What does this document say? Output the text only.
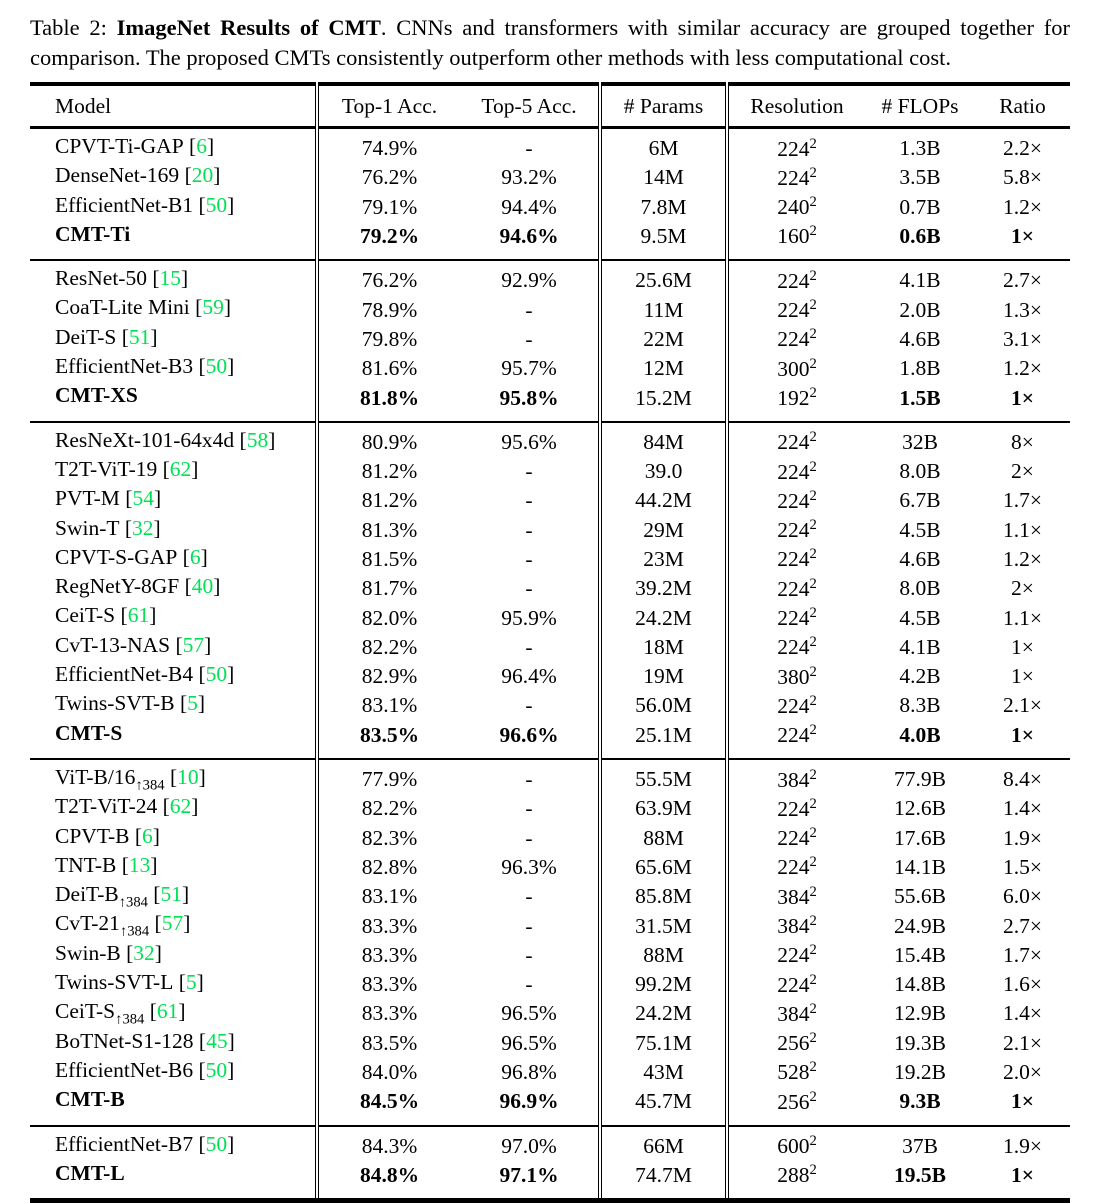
Table 2: ImageNet Results of CMT. CNNs and transformers with similar accuracy are grouped together for comparison. The proposed CMTs consistently outperform other methods with less computational cost.

Model	Top-1 Acc.	Top-5 Acc.	# Params	Resolution	# FLOPs	Ratio
CPVT-Ti-GAP [6]	74.9%	-	6M	$224^2$	1.3B	2.2×
DenseNet-169 [20]	76.2%	93.2%	14M	$224^2$	3.5B	5.8×
EfficientNet-B1 [50]	79.1%	94.4%	7.8M	$240^2$	0.7B	1.2×
CMT-Ti	79.2%	94.6%	9.5M	$160^2$	0.6B	1×
ResNet-50 [15]	76.2%	92.9%	25.6M	$224^2$	4.1B	2.7×
CoaT-Lite Mini [59]	78.9%	-	11M	$224^2$	2.0B	1.3×
DeiT-S [51]	79.8%	-	22M	$224^2$	4.6B	3.1×
EfficientNet-B3 [50]	81.6%	95.7%	12M	$300^2$	1.8B	1.2×
CMT-XS	81.8%	95.8%	15.2M	$192^2$	1.5B	1×
ResNeXt-101-64x4d [58]	80.9%	95.6%	84M	$224^2$	32B	8×
T2T-ViT-19 [62]	81.2%	-	39.0	$224^2$	8.0B	2×
PVT-M [54]	81.2%	-	44.2M	$224^2$	6.7B	1.7×
Swin-T [32]	81.3%	-	29M	$224^2$	4.5B	1.1×
CPVT-S-GAP [6]	81.5%	-	23M	$224^2$	4.6B	1.2×
RegNetY-8GF [40]	81.7%	-	39.2M	$224^2$	8.0B	2×
CeiT-S [61]	82.0%	95.9%	24.2M	$224^2$	4.5B	1.1×
CvT-13-NAS [57]	82.2%	-	18M	$224^2$	4.1B	1×
EfficientNet-B4 [50]	82.9%	96.4%	19M	$380^2$	4.2B	1×
Twins-SVT-B [5]	83.1%	-	56.0M	$224^2$	8.3B	2.1×
CMT-S	83.5%	96.6%	25.1M	$224^2$	4.0B	1×
ViT-$B/16_{↑384}$ [10]	77.9%	-	55.5M	$384^2$	77.9B	8.4×
T2T-ViT-24 [62]	82.2%	-	63.9M	$224^2$	12.6B	1.4×
CPVT-B [6]	82.3%	-	88M	$224^2$	17.6B	1.9×
TNT-B [13]	82.8%	96.3%	65.6M	$224^2$	14.1B	1.5×
DeiT-$B_{↑384}$ [51]	83.1%	-	85.8M	$384^2$	55.6B	6.0×
CvT-$21_{↑384}$ [57]	83.3%	-	31.5M	$384^2$	24.9B	2.7×
Swin-B [32]	83.3%	-	88M	$224^2$	15.4B	1.7×
Twins-SVT-L [5]	83.3%	-	99.2M	$224^2$	14.8B	1.6×
CeiT-$S_{↑384}$ [61]	83.3%	96.5%	24.2M	$384^2$	12.9B	1.4×
BoTNet-S1-128 [45]	83.5%	96.5%	75.1M	$256^2$	19.3B	2.1×
EfficientNet-B6 [50]	84.0%	96.8%	43M	$528^2$	19.2B	2.0×
CMT-B	84.5%	96.9%	45.7M	$256^2$	9.3B	1×
EfficientNet-B7 [50]	84.3%	97.0%	66M	$600^2$	37B	1.9×
CMT-L	84.8%	97.1%	74.7M	$288^2$	19.5B	1×
